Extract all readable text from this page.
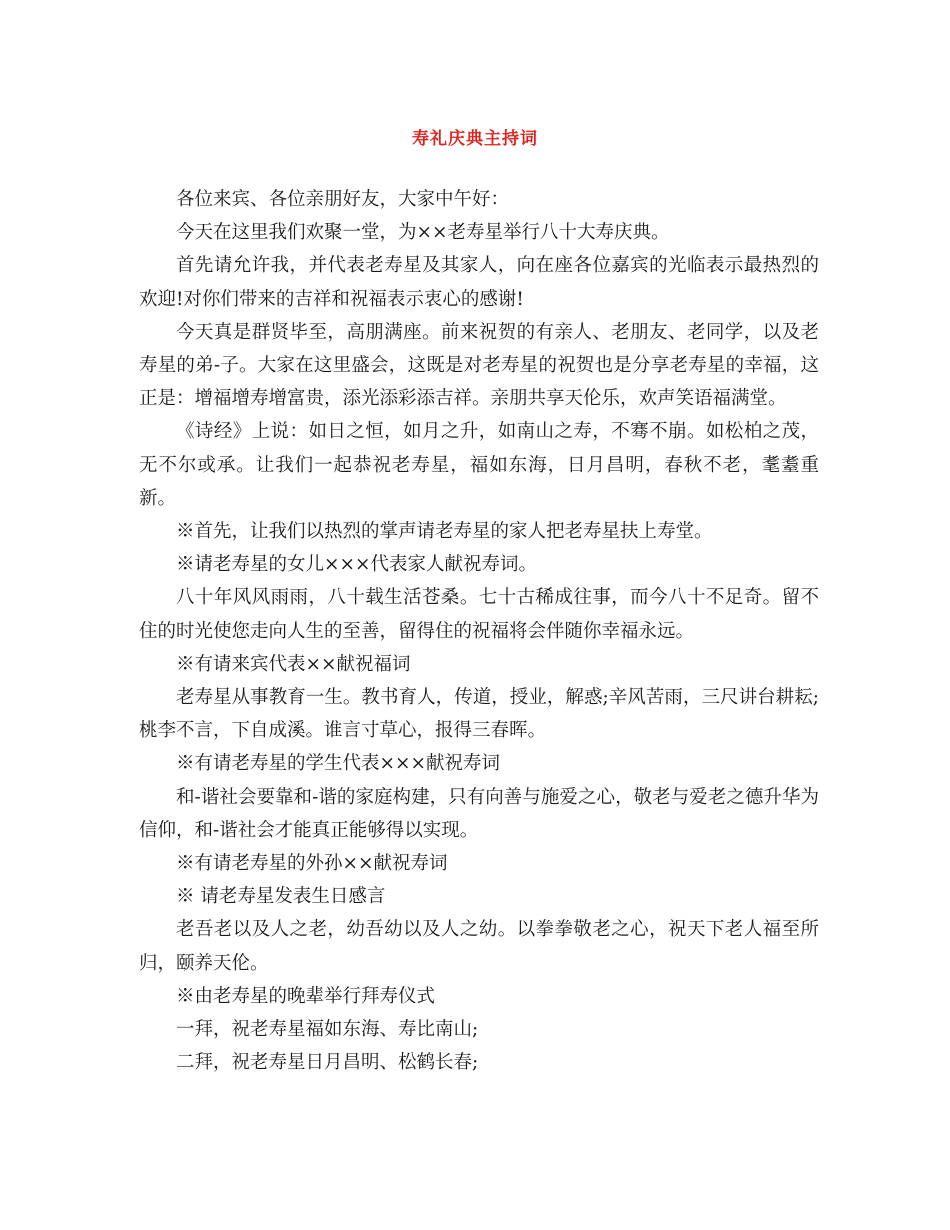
寿礼庆典主持词

各位来宾、各位亲朋好友，大家中午好：

今天在这里我们欢聚一堂，为××老寿星举行八十大寿庆典。

首先请允许我，并代表老寿星及其家人，向在座各位嘉宾的光临表示最热烈的欢迎!对你们带来的吉祥和祝福表示衷心的感谢!

今天真是群贤毕至，高朋满座。前来祝贺的有亲人、老朋友、老同学，以及老寿星的弟-子。大家在这里盛会，这既是对老寿星的祝贺也是分享老寿星的幸福，这正是：增福增寿增富贵，添光添彩添吉祥。亲朋共享天伦乐，欢声笑语福满堂。

《诗经》上说：如日之恒，如月之升，如南山之寿，不骞不崩。如松柏之茂，无不尔或承。让我们一起恭祝老寿星，福如东海，日月昌明，春秋不老，耄耋重新。

※首先，让我们以热烈的掌声请老寿星的家人把老寿星扶上寿堂。

※请老寿星的女儿×××代表家人献祝寿词。

八十年风风雨雨，八十载生活苍桑。七十古稀成往事，而今八十不足奇。留不住的时光使您走向人生的至善，留得住的祝福将会伴随你幸福永远。

※有请来宾代表××献祝福词

老寿星从事教育一生。教书育人，传道，授业，解惑;辛风苦雨，三尺讲台耕耘;桃李不言，下自成溪。谁言寸草心，报得三春晖。

※有请老寿星的学生代表×××献祝寿词

和-谐社会要靠和-谐的家庭构建，只有向善与施爱之心，敬老与爱老之德升华为信仰，和-谐社会才能真正能够得以实现。

※有请老寿星的外孙××献祝寿词

※ 请老寿星发表生日感言

老吾老以及人之老，幼吾幼以及人之幼。以拳拳敬老之心，祝天下老人福至所归，颐养天伦。

※由老寿星的晚辈举行拜寿仪式

一拜，祝老寿星福如东海、寿比南山;

二拜，祝老寿星日月昌明、松鹤长春;
